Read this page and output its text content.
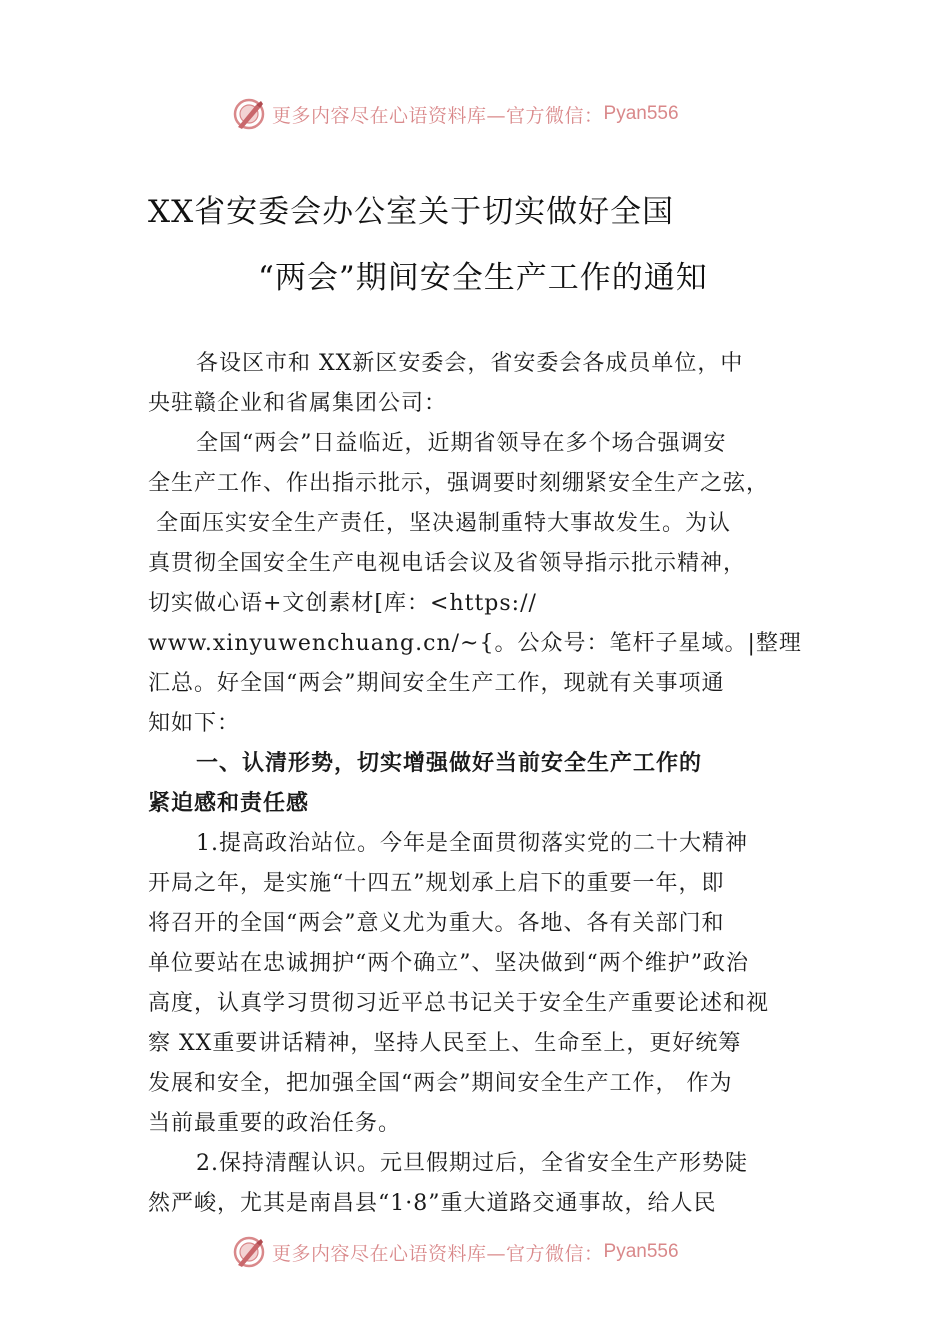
更多内容尽在心语资料库—官方微信： Pyan556
XX省安委会办公室关于切实做好全国
“两会”期间安全生产工作的通知

各设区市和 XX新区安委会，省安委会各成员单位，中

央驻赣企业和省属集团公司：

全国“两会”日益临近，近期省领导在多个场合强调安

全生产工作、作出指示批示，强调要时刻绷紧安全生产之弦，

全面压实安全生产责任，坚决遏制重特大事故发生。为认

真贯彻全国安全生产电视电话会议及省领导指示批示精神，

切实做心语+文创素材[库：<https://

www.xinyuwenchuang.cn/~{。公众号：笔杆子星域。|整理

汇总。好全国“两会”期间安全生产工作，现就有关事项通

知如下：

一、认清形势，切实增强做好当前安全生产工作的

紧迫感和责任感

1.提高政治站位。今年是全面贯彻落实党的二十大精神

开局之年，是实施“十四五”规划承上启下的重要一年，即

将召开的全国“两会”意义尤为重大。各地、各有关部门和

单位要站在忠诚拥护“两个确立”、坚决做到“两个维护”政治

高度，认真学习贯彻习近平总书记关于安全生产重要论述和视

察 XX重要讲话精神，坚持人民至上、生命至上，更好统筹

发展和安全，把加强全国“两会”期间安全生产工作， 作为

当前最重要的政治任务。

2.保持清醒认识。元旦假期过后，全省安全生产形势陡

然严峻，尤其是南昌县“1·8”重大道路交通事故，给人民

更多内容尽在心语资料库—官方微信： Pyan556
